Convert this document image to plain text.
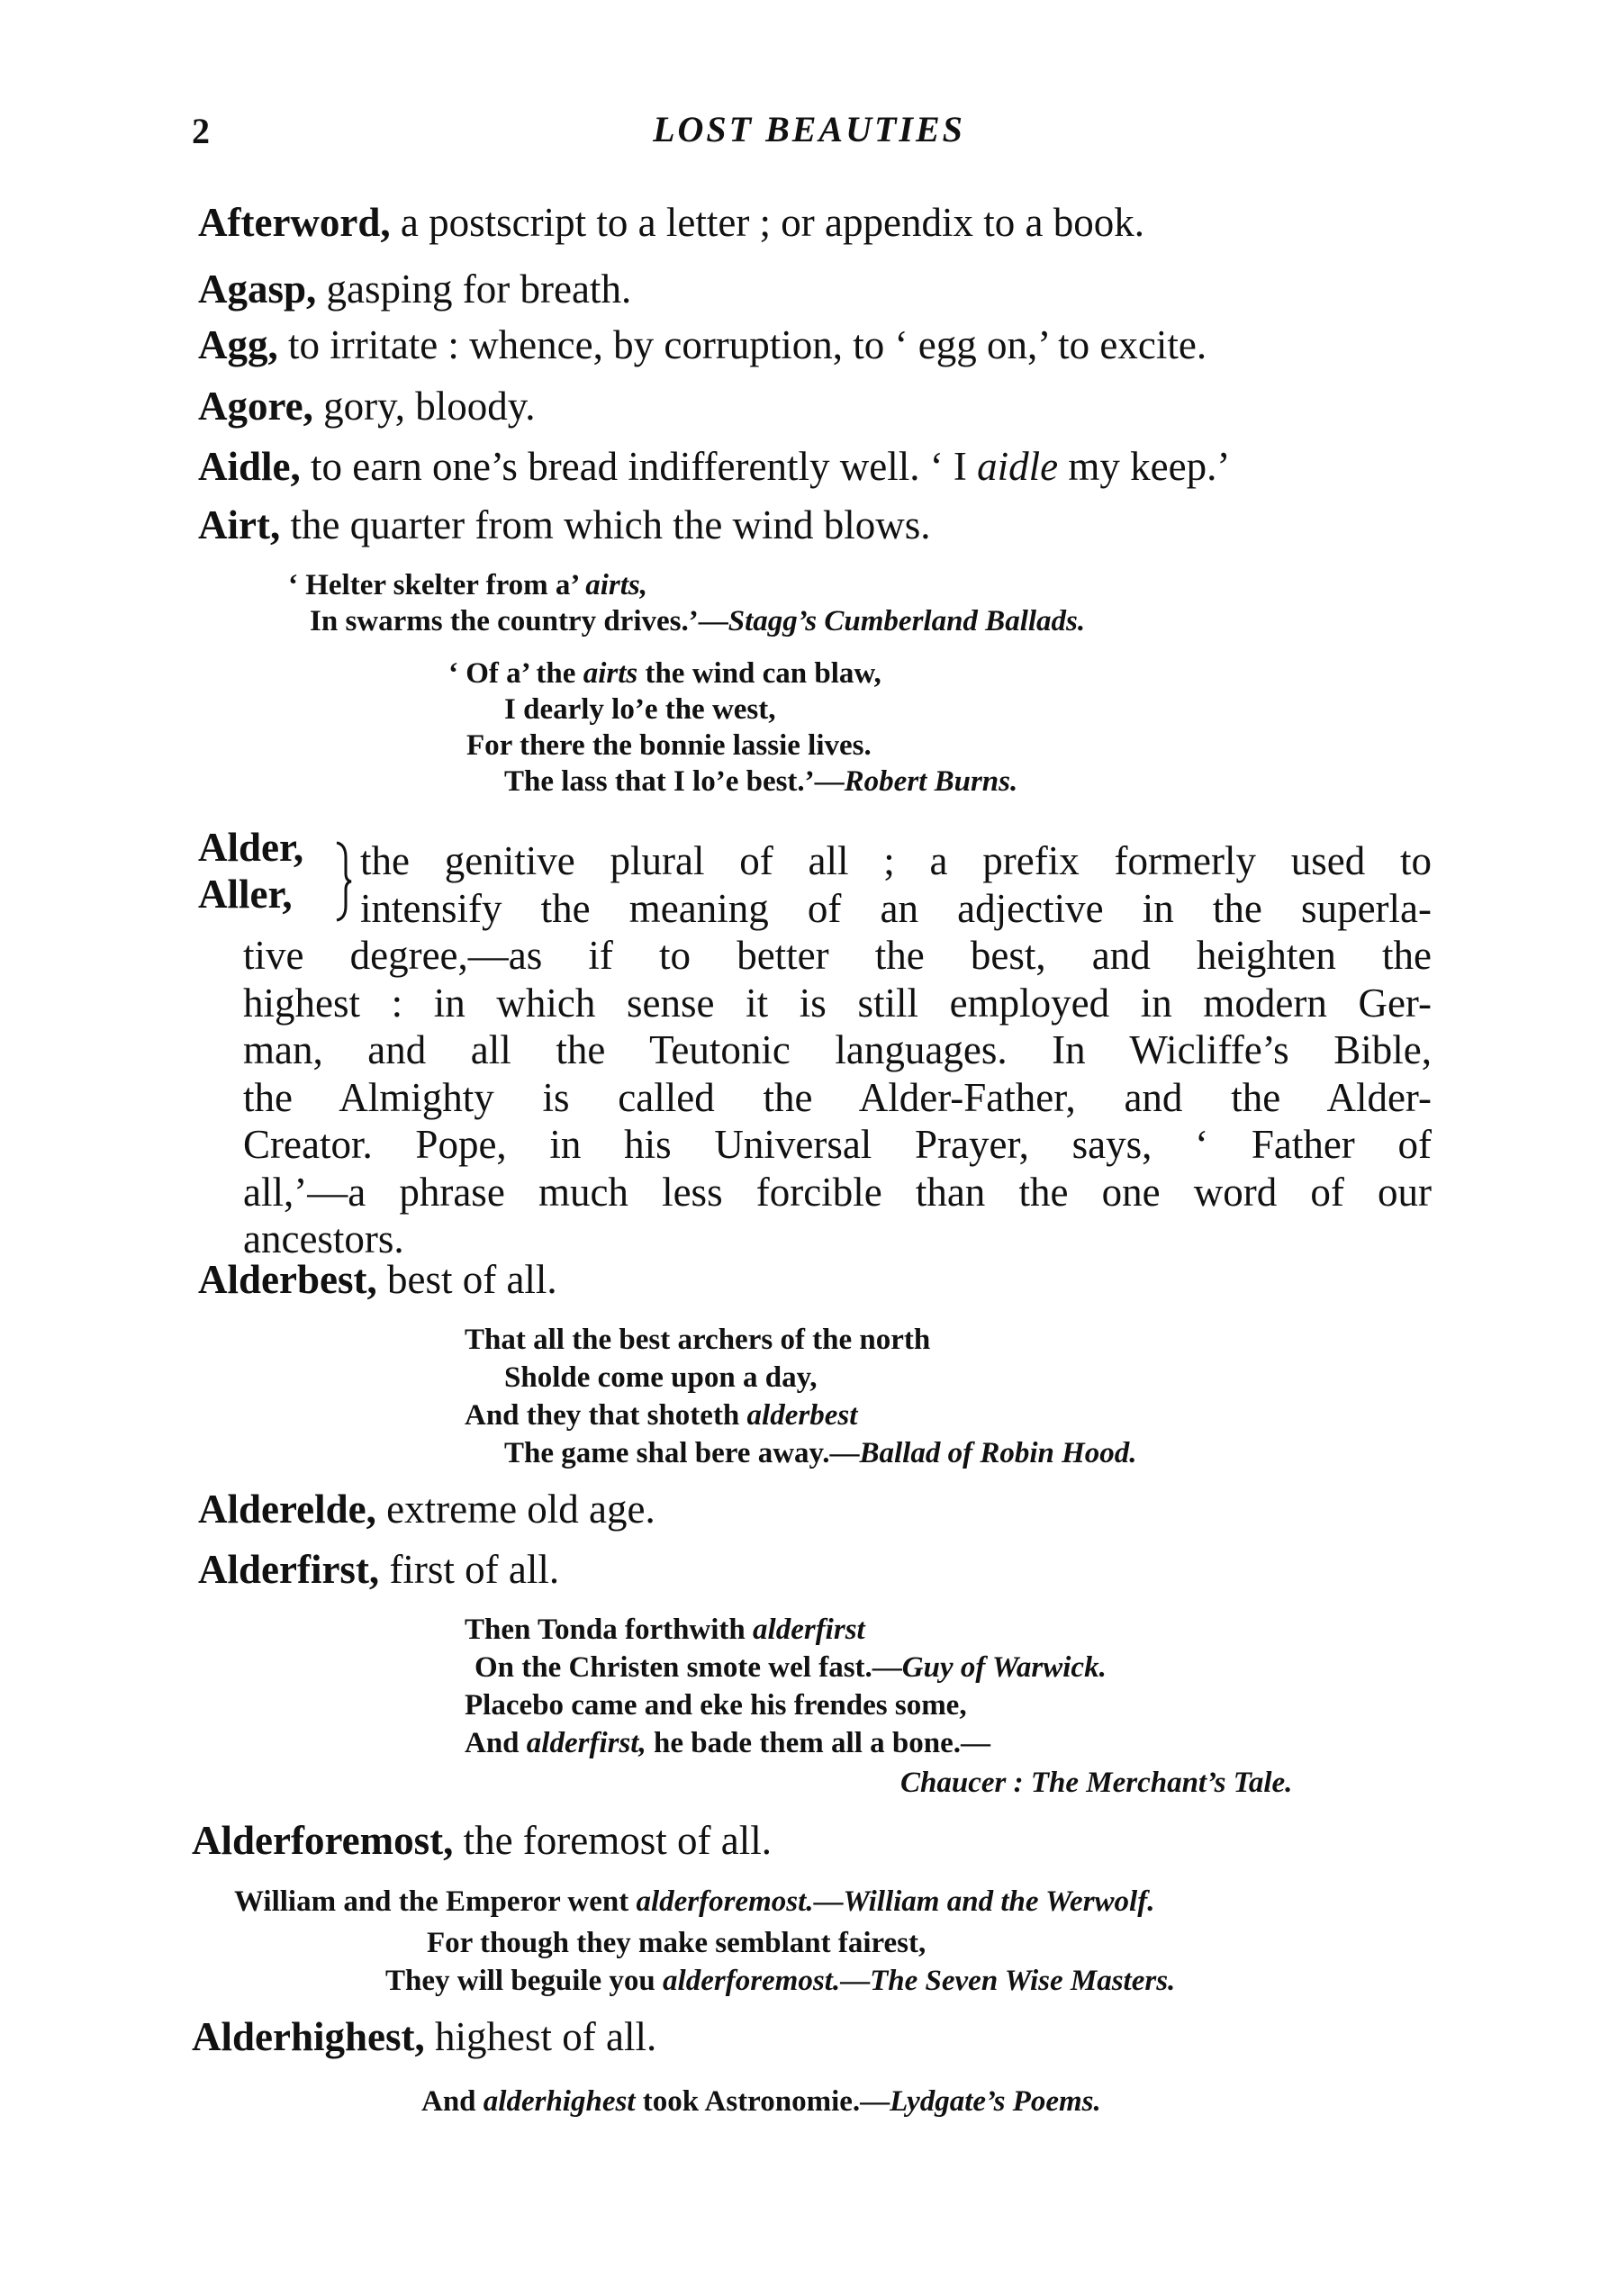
2	LOST BEAUTIES
Afterword, a postscript to a letter ; or appendix to a book.
Agasp, gasping for breath.
Agg, to irritate : whence, by corruption, to ‘ egg on,’ to excite.
Agore, gory, bloody.
Aidle, to earn one’s bread indifferently well. ‘ I aidle my keep.’
Airt, the quarter from which the wind blows.
‘ Helter skelter from a’ airts,
In swarms the country drives.’—Stagg’s Cumberland Ballads.
‘ Of a’ the airts the wind can blaw,
I dearly lo’e the west,
For there the bonnie lassie lives.
The lass that I lo’e best.’—Robert Burns.
Alder,
Aller,
the genitive plural of all ; a prefix formerly used to
intensify the meaning of an adjective in the superla-
tive degree,—as if to better the best, and heighten the
highest : in which sense it is still employed in modern Ger-
man, and all the Teutonic languages. In Wicliffe’s Bible,
the Almighty is called the Alder-Father, and the Alder-
Creator. Pope, in his Universal Prayer, says, ‘ Father of
all,’—a phrase much less forcible than the one word of our
ancestors.
Alderbest, best of all.
That all the best archers of the north
Sholde come upon a day,
And they that shoteth alderbest
The game shal bere away.—Ballad of Robin Hood.
Alderelde, extreme old age.
Alderfirst, first of all.
Then Tonda forthwith alderfirst
On the Christen smote wel fast.—Guy of Warwick.
Placebo came and eke his frendes some,
And alderfirst, he bade them all a bone.—
Chaucer : The Merchant’s Tale.
Alderforemost, the foremost of all.
William and the Emperor went alderforemost.—William and the Werwolf.
For though they make semblant fairest,
They will beguile you alderforemost.—The Seven Wise Masters.
Alderhighest, highest of all.
And alderhighest took Astronomie.—Lydgate’s Poems.
